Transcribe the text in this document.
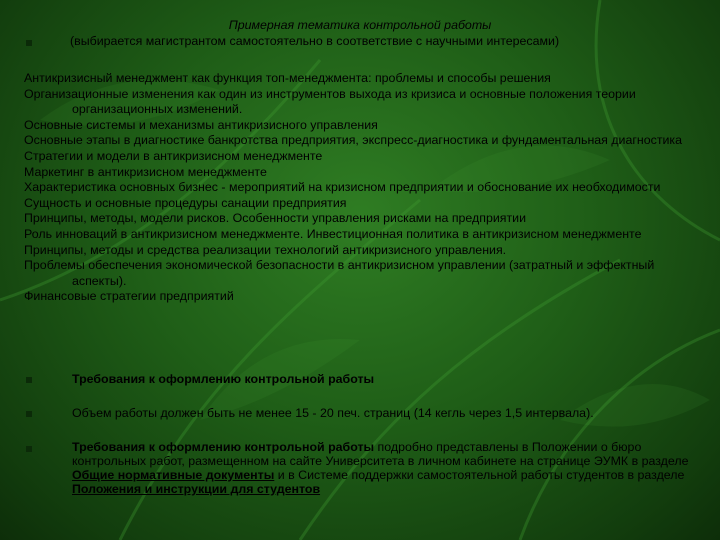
Примерная тематика контрольной работы
(выбирается магистрантом самостоятельно в соответствие с научными интересами)
Антикризисный менеджмент как функция топ-менеджмента: проблемы и способы решения
Организационные изменения как один из инструментов выхода из кризиса и основные положения теории организационных изменений.
Основные системы и механизмы антикризисного управления
Основные этапы в диагностике банкротства предприятия, экспресс-диагностика и фундаментальная диагностика
Стратегии и модели в антикризисном менеджменте
Маркетинг в антикризисном менеджменте
Характеристика основных бизнес - мероприятий на кризисном предприятии и обоснование их необходимости
Сущность и основные процедуры санации предприятия
Принципы, методы, модели рисков. Особенности управления рисками на предприятии
Роль инноваций в антикризисном менеджменте. Инвестиционная политика в антикризисном менеджменте
Принципы, методы и средства реализации технологий антикризисного управления.
Проблемы обеспечения экономической безопасности в антикризисном управлении (затратный и эффектный аспекты).
Финансовые стратегии предприятий
Требования к оформлению контрольной работы
Объем работы должен быть не менее 15 - 20 печ. страниц (14 кегль через 1,5 интервала).
Требования к оформлению контрольной работы подробно представлены в Положении о бюро контрольных работ, размещенном на сайте Университета в личном кабинете на странице ЭУМК в разделе Общие нормативные документы и в Системе поддержки самостоятельной работы студентов в разделе Положения и инструкции для студентов
